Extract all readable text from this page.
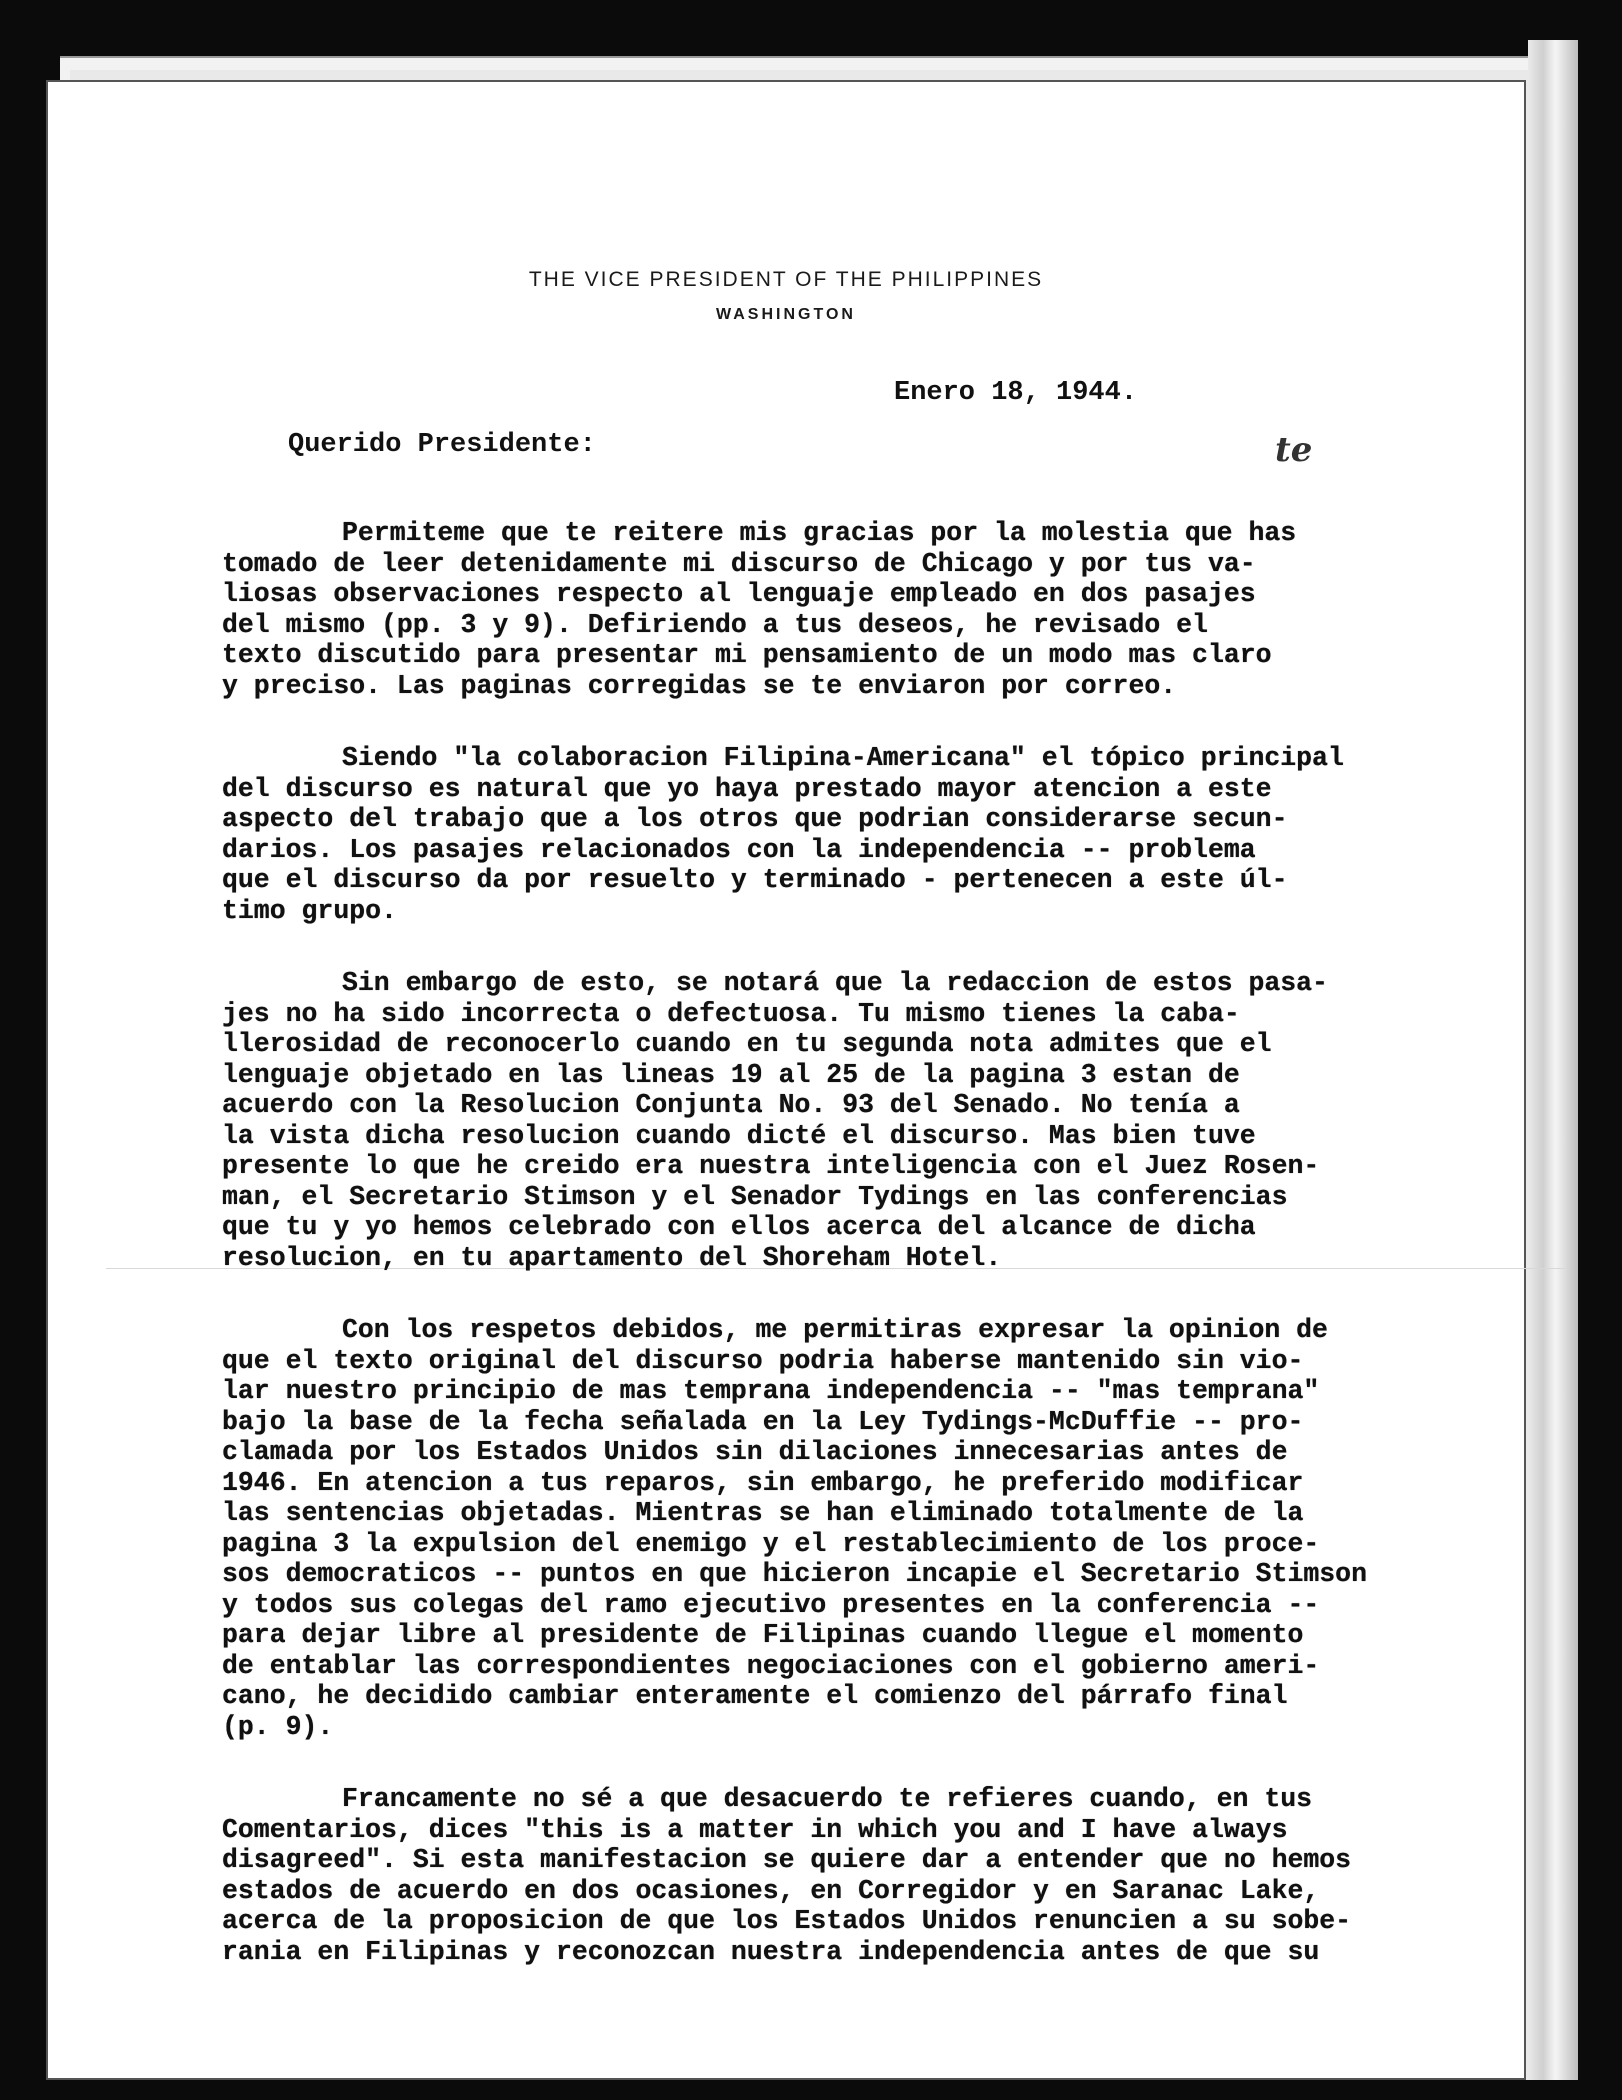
THE VICE PRESIDENT OF THE PHILIPPINES
WASHINGTON
Enero 18, 1944.
Querido Presidente:	te
Permiteme que te reitere mis gracias por la molestia que has
tomado de leer detenidamente mi discurso de Chicago y por tus va-
liosas observaciones respecto al lenguaje empleado en dos pasajes
del mismo (pp. 3 y 9). Defiriendo a tus deseos, he revisado el
texto discutido para presentar mi pensamiento de un modo mas claro
y preciso. Las paginas corregidas se te enviaron por correo.
Siendo "la colaboracion Filipina-Americana" el tópico principal
del discurso es natural que yo haya prestado mayor atencion a este
aspecto del trabajo que a los otros que podrian considerarse secun-
darios. Los pasajes relacionados con la independencia -- problema
que el discurso da por resuelto y terminado - pertenecen a este úl-
timo grupo.
Sin embargo de esto, se notará que la redaccion de estos pasa-
jes no ha sido incorrecta o defectuosa. Tu mismo tienes la caba-
llerosidad de reconocerlo cuando en tu segunda nota admites que el
lenguaje objetado en las lineas 19 al 25 de la pagina 3 estan de
acuerdo con la Resolucion Conjunta No. 93 del Senado. No tenía a
la vista dicha resolucion cuando dicté el discurso. Mas bien tuve
presente lo que he creido era nuestra inteligencia con el Juez Rosen-
man, el Secretario Stimson y el Senador Tydings en las conferencias
que tu y yo hemos celebrado con ellos acerca del alcance de dicha
resolucion, en tu apartamento del Shoreham Hotel.
Con los respetos debidos, me permitiras expresar la opinion de
que el texto original del discurso podria haberse mantenido sin vio-
lar nuestro principio de mas temprana independencia -- "mas temprana"
bajo la base de la fecha señalada en la Ley Tydings-McDuffie -- pro-
clamada por los Estados Unidos sin dilaciones innecesarias antes de
1946. En atencion a tus reparos, sin embargo, he preferido modificar
las sentencias objetadas. Mientras se han eliminado totalmente de la
pagina 3 la expulsion del enemigo y el restablecimiento de los proce-
sos democraticos -- puntos en que hicieron incapie el Secretario Stimson
y todos sus colegas del ramo ejecutivo presentes en la conferencia --
para dejar libre al presidente de Filipinas cuando llegue el momento
de entablar las correspondientes negociaciones con el gobierno ameri-
cano, he decidido cambiar enteramente el comienzo del párrafo final
(p. 9).
Francamente no sé a que desacuerdo te refieres cuando, en tus
Comentarios, dices "this is a matter in which you and I have always
disagreed". Si esta manifestacion se quiere dar a entender que no hemos
estados de acuerdo en dos ocasiones, en Corregidor y en Saranac Lake,
acerca de la proposicion de que los Estados Unidos renuncien a su sobe-
rania en Filipinas y reconozcan nuestra independencia antes de que su
